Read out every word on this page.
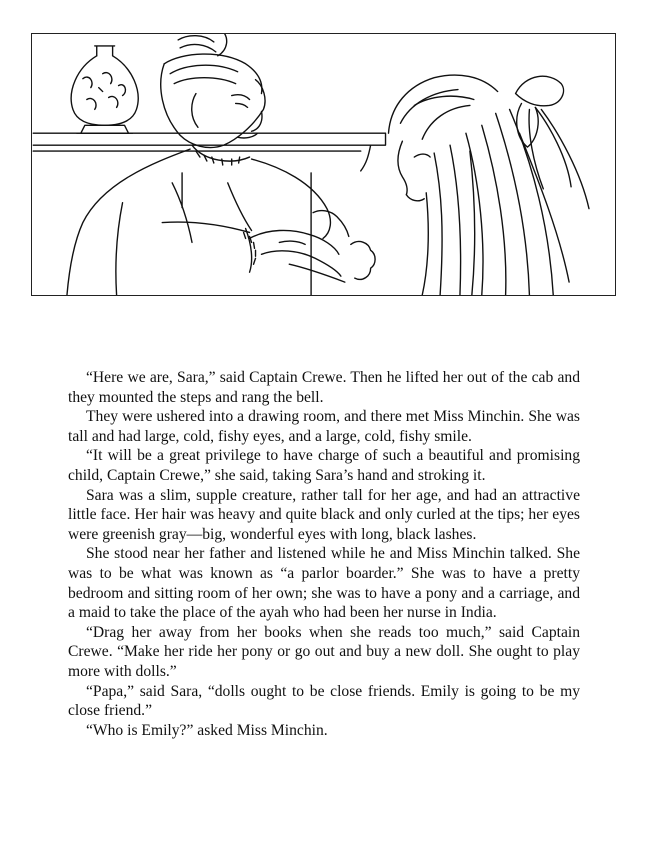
“Here we are, Sara,” said Captain Crewe. Then he lifted her out of the cab and they mounted the steps and rang the bell.

They were ushered into a drawing room, and there met Miss Minchin. She was tall and had large, cold, fishy eyes, and a large, cold, fishy smile.

“It will be a great privilege to have charge of such a beautiful and promising child, Captain Crewe,” she said, taking Sara’s hand and stroking it.

Sara was a slim, supple creature, rather tall for her age, and had an attractive little face. Her hair was heavy and quite black and only curled at the tips; her eyes were greenish gray—big, wonderful eyes with long, black lashes.

She stood near her father and listened while he and Miss Minchin talked. She was to be what was known as “a parlor boarder.” She was to have a pretty bedroom and sitting room of her own; she was to have a pony and a carriage, and a maid to take the place of the ayah who had been her nurse in India.

“Drag her away from her books when she reads too much,” said Captain Crewe. “Make her ride her pony or go out and buy a new doll. She ought to play more with dolls.”

“Papa,” said Sara, “dolls ought to be close friends. Emily is going to be my close friend.”

“Who is Emily?” asked Miss Minchin.
